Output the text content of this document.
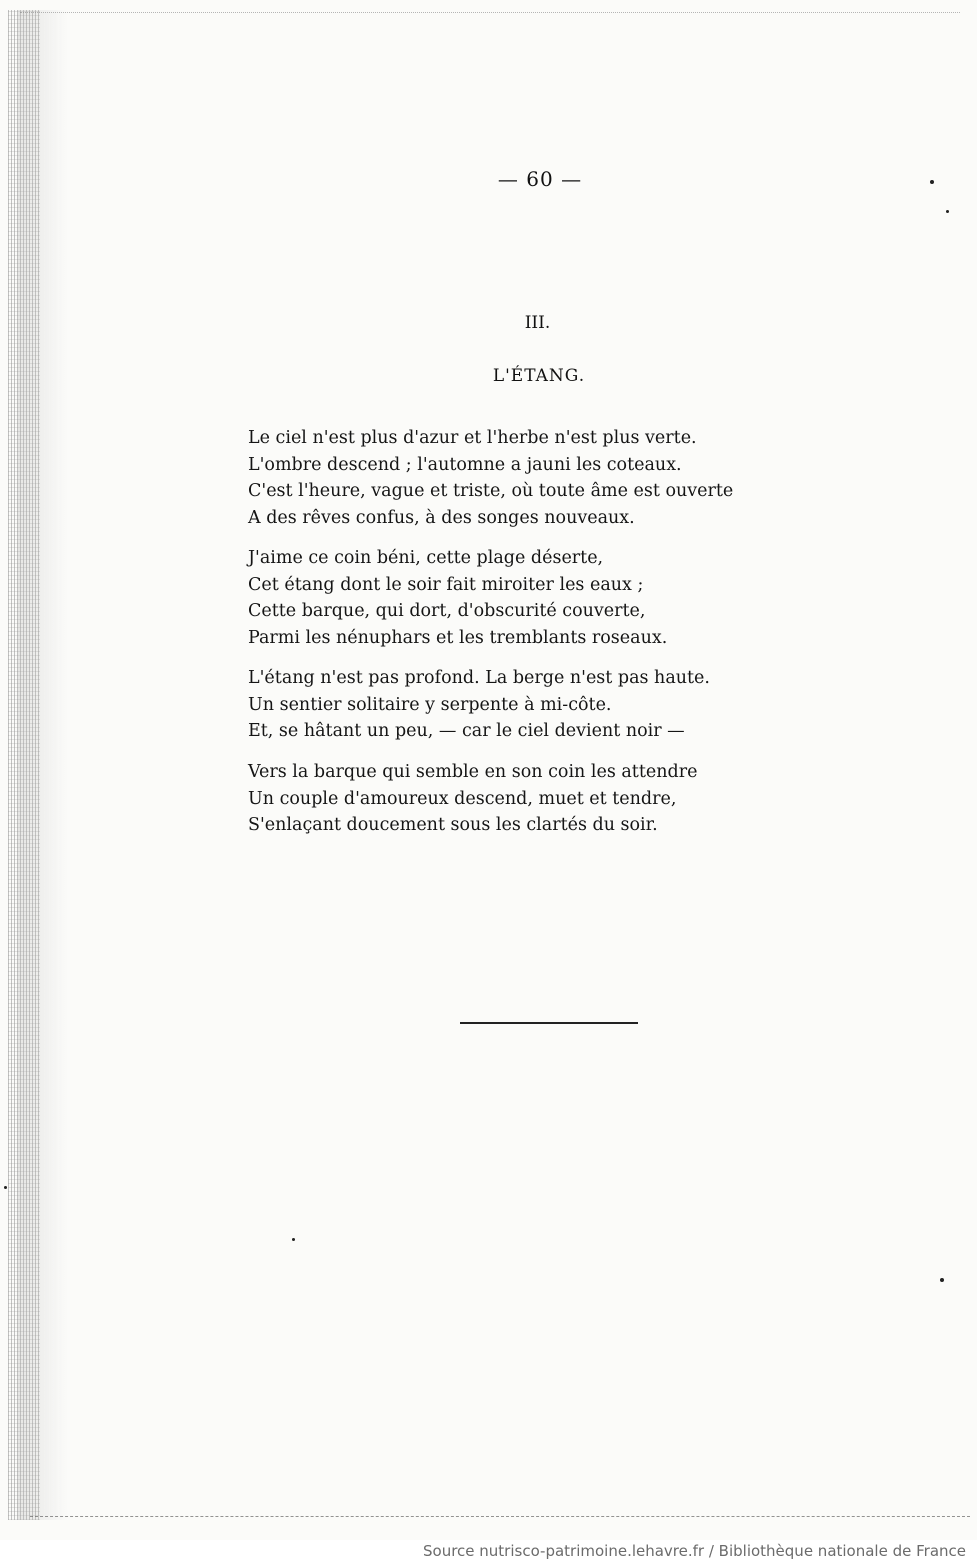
— 60 —
III.
L'ÉTANG.
Le ciel n'est plus d'azur et l'herbe n'est plus verte.
L'ombre descend ; l'automne a jauni les coteaux.
C'est l'heure, vague et triste, où toute âme est ouverte
A des rêves confus, à des songes nouveaux.
J'aime ce coin béni, cette plage déserte,
Cet étang dont le soir fait miroiter les eaux ;
Cette barque, qui dort, d'obscurité couverte,
Parmi les nénuphars et les tremblants roseaux.
L'étang n'est pas profond. La berge n'est pas haute.
Un sentier solitaire y serpente à mi-côte.
Et, se hâtant un peu, — car le ciel devient noir —
Vers la barque qui semble en son coin les attendre
Un couple d'amoureux descend, muet et tendre,
S'enlaçant doucement sous les clartés du soir.
Source nutrisco-patrimoine.lehavre.fr / Bibliothèque nationale de France
